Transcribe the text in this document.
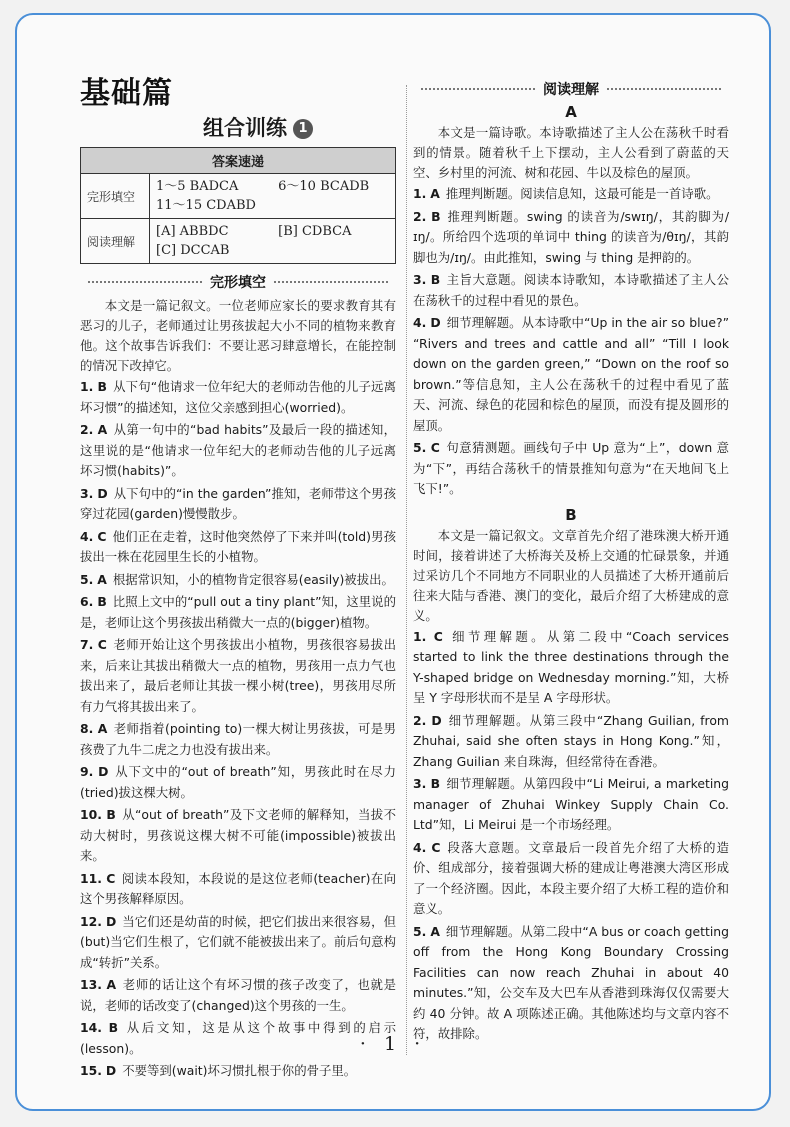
基础篇
组合训练 1
答案速递	
完形填空	1～5 BADCA 6～10 BCADB
11～15 CDABD

阅读理解	[A] ABBDC [B] CDBCA
[C] DCCAB
完形填空

本文是一篇记叙文。一位老师应家长的要求教育其有恶习的儿子，老师通过让男孩拔起大小不同的植物来教育他。这个故事告诉我们：不要让恶习肆意增长，在能控制的情况下改掉它。

1. B 从下句“他请求一位年纪大的老师动告他的儿子远离坏习惯”的描述知，这位父亲感到担心(worried)。
2. A 从第一句中的“bad habits”及最后一段的描述知，这里说的是“他请求一位年纪大的老师动告他的儿子远离坏习惯(habits)”。
3. D 从下句中的“in the garden”推知，老师带这个男孩穿过花园(garden)慢慢散步。
4. C 他们正在走着，这时他突然停了下来并叫(told)男孩拔出一株在花园里生长的小植物。
5. A 根据常识知，小的植物肯定很容易(easily)被拔出。
6. B 比照上文中的“pull out a tiny plant”知，这里说的是，老师让这个男孩拔出稍微大一点的(bigger)植物。
7. C 老师开始让这个男孩拔出小植物，男孩很容易拔出来，后来让其拔出稍微大一点的植物，男孩用一点力气也拔出来了，最后老师让其拔一棵小树(tree)，男孩用尽所有力气将其拔出来了。
8. A 老师指着(pointing to)一棵大树让男孩拔，可是男孩费了九牛二虎之力也没有拔出来。
9. D 从下文中的“out of breath”知，男孩此时在尽力(tried)拔这棵大树。
10. B 从“out of breath”及下文老师的解释知，当拔不动大树时，男孩说这棵大树不可能(impossible)被拔出来。
11. C 阅读本段知，本段说的是这位老师(teacher)在向这个男孩解释原因。
12. D 当它们还是幼苗的时候，把它们拔出来很容易，但(but)当它们生根了，它们就不能被拔出来了。前后句意构成“转折”关系。
13. A 老师的话让这个有坏习惯的孩子改变了，也就是说，老师的话改变了(changed)这个男孩的一生。
14. B 从后文知，这是从这个故事中得到的启示(lesson)。
15. D 不要等到(wait)坏习惯扎根于你的骨子里。
阅读理解
A

本文是一篇诗歌。本诗歌描述了主人公在荡秋千时看到的情景。随着秋千上下摆动，主人公看到了蔚蓝的天空、乡村里的河流、树和花园、牛以及棕色的屋顶。

1. A 推理判断题。阅读信息知，这最可能是一首诗歌。
2. B 推理判断题。swing 的读音为/swɪŋ/，其韵脚为/ɪŋ/。所给四个选项的单词中 thing 的读音为/θɪŋ/，其韵脚也为/ɪŋ/。由此推知，swing 与 thing 是押韵的。
3. B 主旨大意题。阅读本诗歌知，本诗歌描述了主人公在荡秋千的过程中看见的景色。
4. D 细节理解题。从本诗歌中“Up in the air so blue?” “Rivers and trees and cattle and all” “Till I look down on the garden green,” “Down on the roof so brown.”等信息知，主人公在荡秋千的过程中看见了蓝天、河流、绿色的花园和棕色的屋顶，而没有提及圆形的屋顶。
5. C 句意猜测题。画线句子中 Up 意为“上”，down 意为“下”，再结合荡秋千的情景推知句意为“在天地间飞上飞下!”。
B

本文是一篇记叙文。文章首先介绍了港珠澳大桥开通时间，接着讲述了大桥海关及桥上交通的忙碌景象，并通过采访几个不同地方不同职业的人员描述了大桥开通前后往来大陆与香港、澳门的变化，最后介绍了大桥建成的意义。

1. C 细节理解题。从第二段中“Coach services started to link the three destinations through the Y-shaped bridge on Wednesday morning.”知，大桥呈 Y 字母形状而不是呈 A 字母形状。
2. D 细节理解题。从第三段中“Zhang Guilian, from Zhuhai, said she often stays in Hong Kong.”知，Zhang Guilian 来自珠海，但经常待在香港。
3. B 细节理解题。从第四段中“Li Meirui, a marketing manager of Zhuhai Winkey Supply Chain Co. Ltd”知，Li Meirui 是一个市场经理。
4. C 段落大意题。文章最后一段首先介绍了大桥的造价、组成部分，接着强调大桥的建成让粤港澳大湾区形成了一个经济圈。因此，本段主要介绍了大桥工程的造价和意义。
5. A 细节理解题。从第二段中“A bus or coach getting off from the Hong Kong Boundary Crossing Facilities can now reach Zhuhai in about 40 minutes.”知，公交车及大巴车从香港到珠海仅仅需要大约 40 分钟。故 A 项陈述正确。其他陈述均与文章内容不符，故排除。
· 1 ·
